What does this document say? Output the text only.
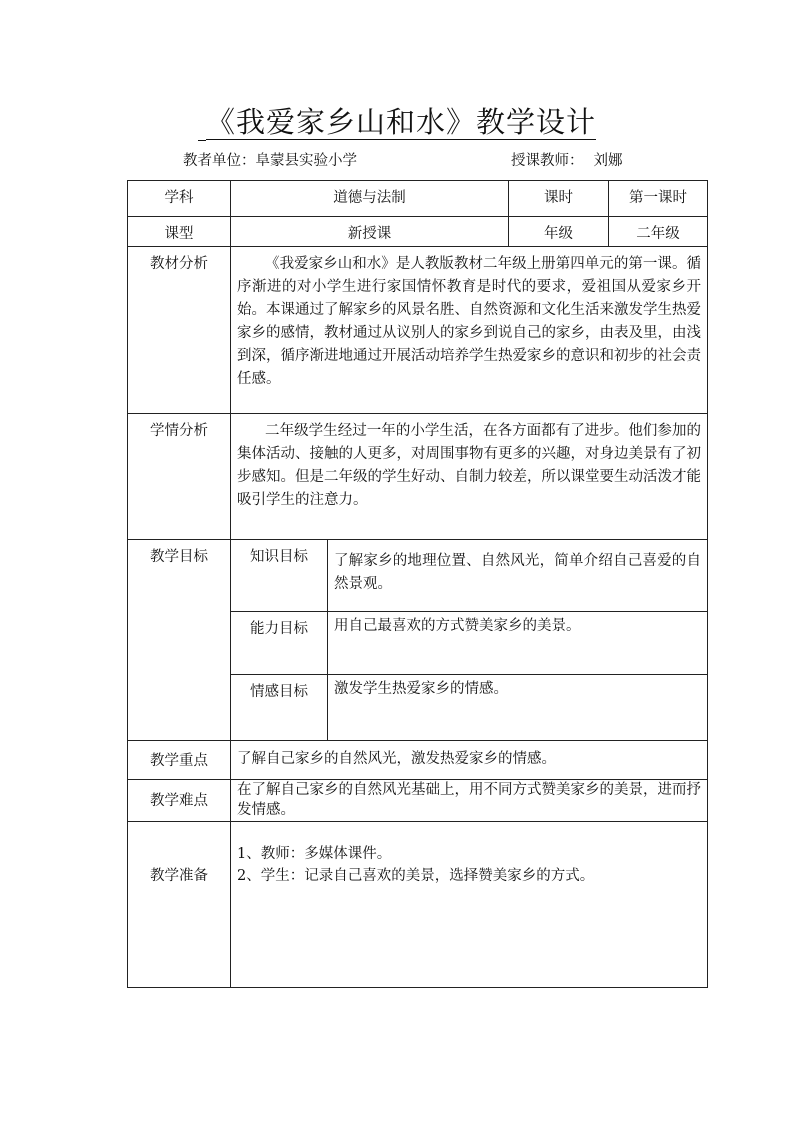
《我爱家乡山和水》教学设计
教者单位：阜蒙县实验小学	授课教师： 刘娜
学科	道德与法制		课时	第一课时
课型	新授课		年级	二年级
教材分析	《我爱家乡山和水》是人教版教材二年级上册第四单元的第一课。循序渐进的对小学生进行家国情怀教育是时代的要求，爱祖国从爱家乡开始。本课通过了解家乡的风景名胜、自然资源和文化生活来激发学生热爱家乡的感情，教材通过从议别人的家乡到说自己的家乡，由表及里，由浅到深，循序渐进地通过开展活动培养学生热爱家乡的意识和初步的社会责任感。			
学情分析	二年级学生经过一年的小学生活，在各方面都有了进步。他们参加的集体活动、接触的人更多，对周围事物有更多的兴趣，对身边美景有了初步感知。但是二年级的学生好动、自制力较差，所以课堂要生动活泼才能吸引学生的注意力。			
教学目标	知识目标	了解家乡的地理位置、自然风光，简单介绍自己喜爱的自然景观。		
	能力目标	用自己最喜欢的方式赞美家乡的美景。		
	情感目标	激发学生热爱家乡的情感。		
教学重点	了解自己家乡的自然风光，激发热爱家乡的情感。			
教学难点	在了解自己家乡的自然风光基础上，用不同方式赞美家乡的美景，进而抒发情感。			
教学准备	1、教师：多媒体课件。
2、学生：记录自己喜欢的美景，选择赞美家乡的方式。			
